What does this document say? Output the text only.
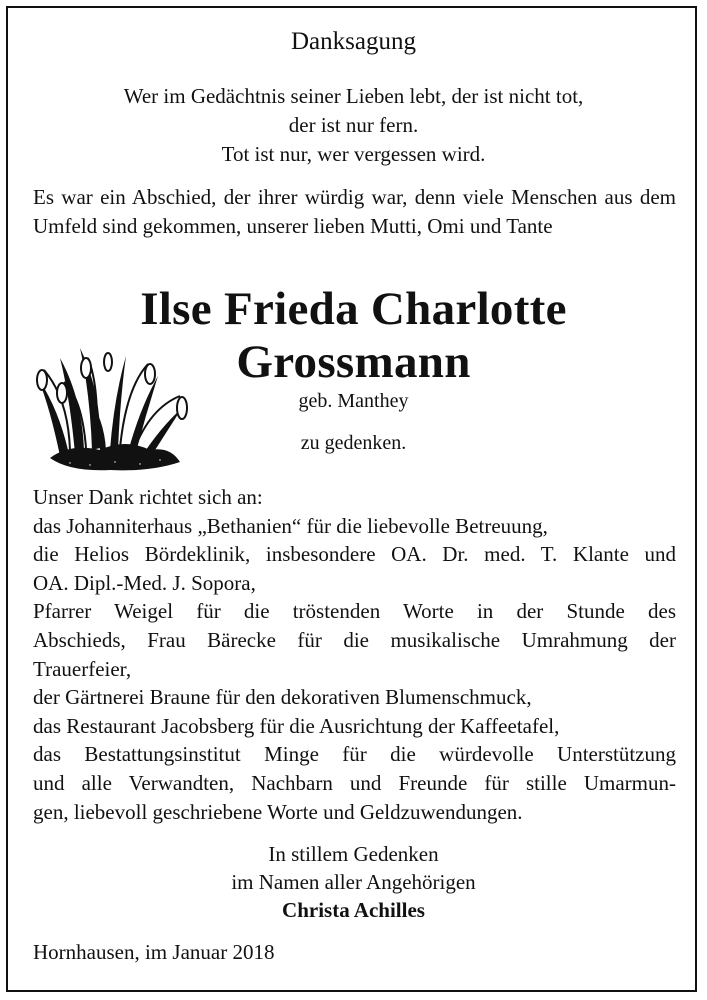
Danksagung
Wer im Gedächtnis seiner Lieben lebt, der ist nicht tot,
der ist nur fern.
Tot ist nur, wer vergessen wird.
Es war ein Abschied, der ihrer würdig war, denn viele Menschen aus dem Umfeld sind gekommen, unserer lieben Mutti, Omi und Tante
Ilse Frieda Charlotte
Grossmann
geb. Manthey
zu gedenken.
Unser Dank richtet sich an:
das Johanniterhaus „Bethanien“ für die liebevolle Betreuung,
die Helios Bördeklinik, insbesondere OA. Dr. med. T. Klante und
OA. Dipl.-Med. J. Sopora,
Pfarrer Weigel für die tröstenden Worte in der Stunde des
Abschieds, Frau Bärecke für die musikalische Umrahmung der
Trauerfeier,
der Gärtnerei Braune für den dekorativen Blumenschmuck,
das Restaurant Jacobsberg für die Ausrichtung der Kaffeetafel,
das Bestattungsinstitut Minge für die würdevolle Unterstützung
und alle Verwandten, Nachbarn und Freunde für stille Umarmun-
gen, liebevoll geschriebene Worte und Geldzuwendungen.
In stillem Gedenken
im Namen aller Angehörigen
Christa Achilles
Hornhausen, im Januar 2018
